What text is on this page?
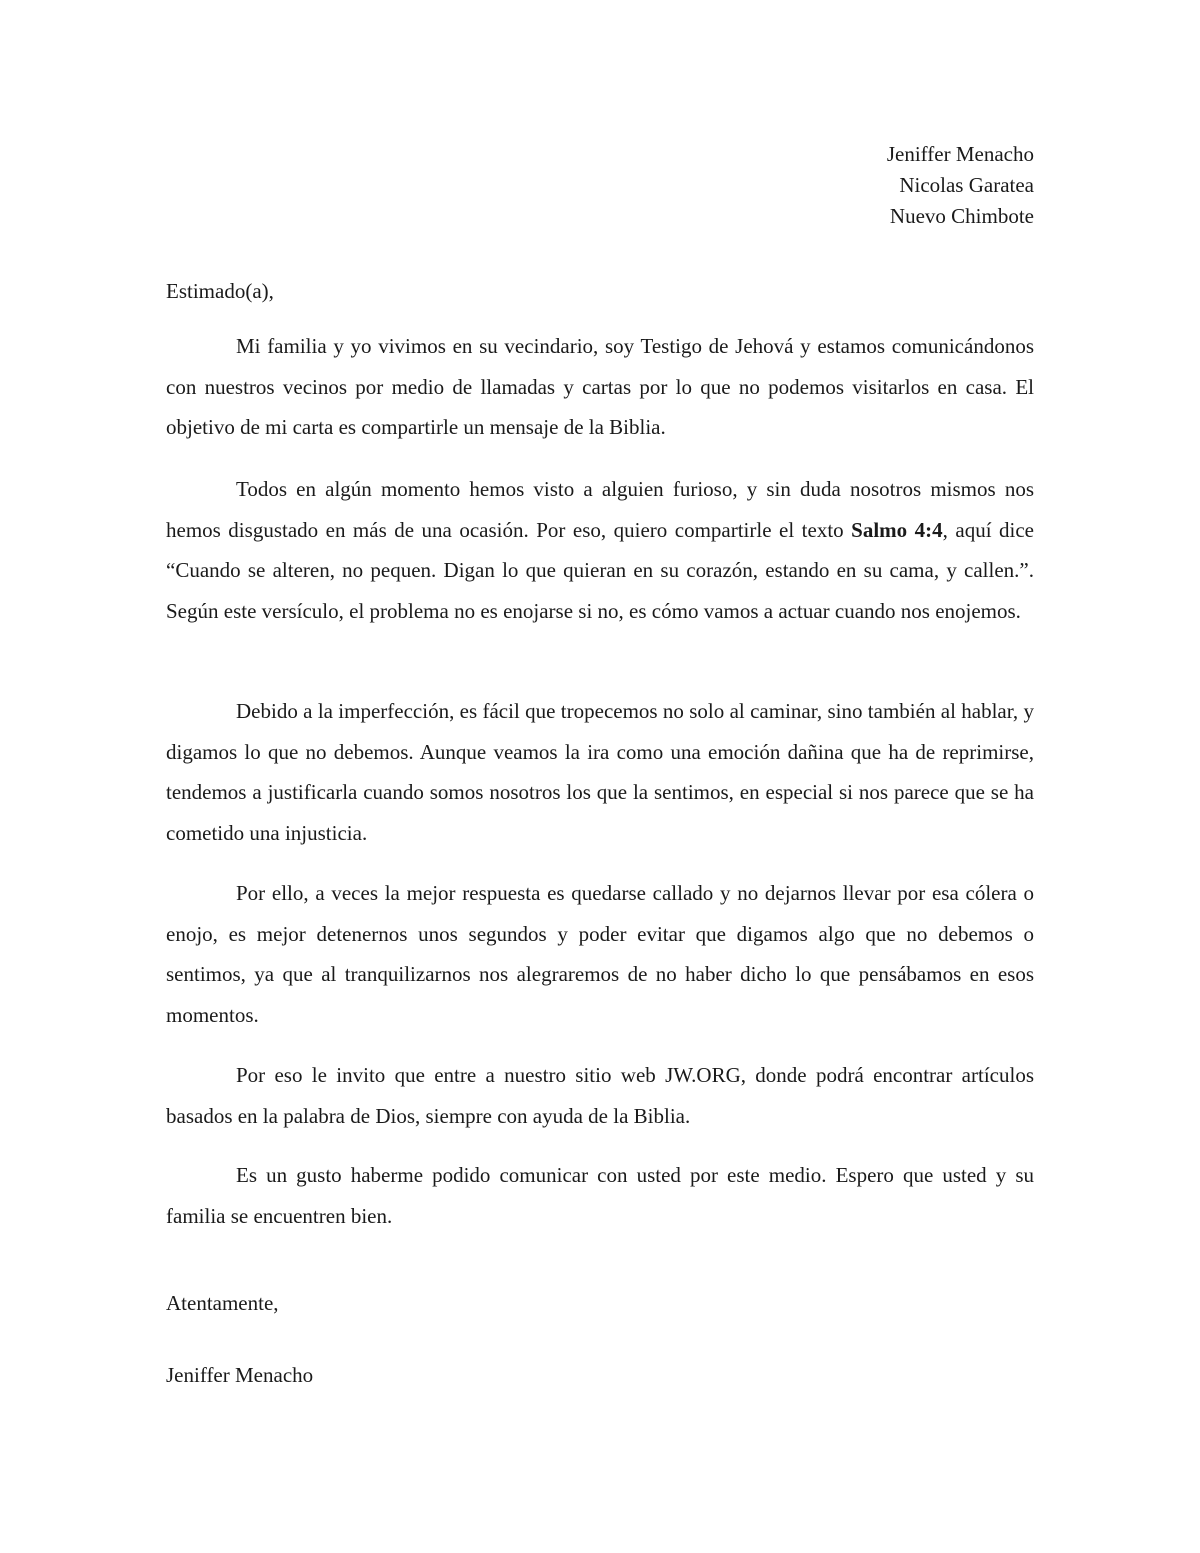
Jeniffer Menacho
Nicolas Garatea
Nuevo Chimbote
Estimado(a),

Mi familia y yo vivimos en su vecindario, soy Testigo de Jehová y estamos comunicándonos con nuestros vecinos por medio de llamadas y cartas por lo que no podemos visitarlos en casa. El objetivo de mi carta es compartirle un mensaje de la Biblia.

Todos en algún momento hemos visto a alguien furioso, y sin duda nosotros mismos nos hemos disgustado en más de una ocasión. Por eso, quiero compartirle el texto Salmo 4:4, aquí dice “Cuando se alteren, no pequen. Digan lo que quieran en su corazón, estando en su cama, y callen.”. Según este versículo, el problema no es enojarse si no, es cómo vamos a actuar cuando nos enojemos.

Debido a la imperfección, es fácil que tropecemos no solo al caminar, sino también al hablar, y digamos lo que no debemos. Aunque veamos la ira como una emoción dañina que ha de reprimirse, tendemos a justificarla cuando somos nosotros los que la sentimos, en especial si nos parece que se ha cometido una injusticia.

Por ello, a veces la mejor respuesta es quedarse callado y no dejarnos llevar por esa cólera o enojo, es mejor detenernos unos segundos y poder evitar que digamos algo que no debemos o sentimos, ya que al tranquilizarnos nos alegraremos de no haber dicho lo que pensábamos en esos momentos.

Por eso le invito que entre a nuestro sitio web JW.ORG, donde podrá encontrar artículos basados en la palabra de Dios, siempre con ayuda de la Biblia.

Es un gusto haberme podido comunicar con usted por este medio. Espero que usted y su familia se encuentren bien.

Atentamente,
Jeniffer Menacho
